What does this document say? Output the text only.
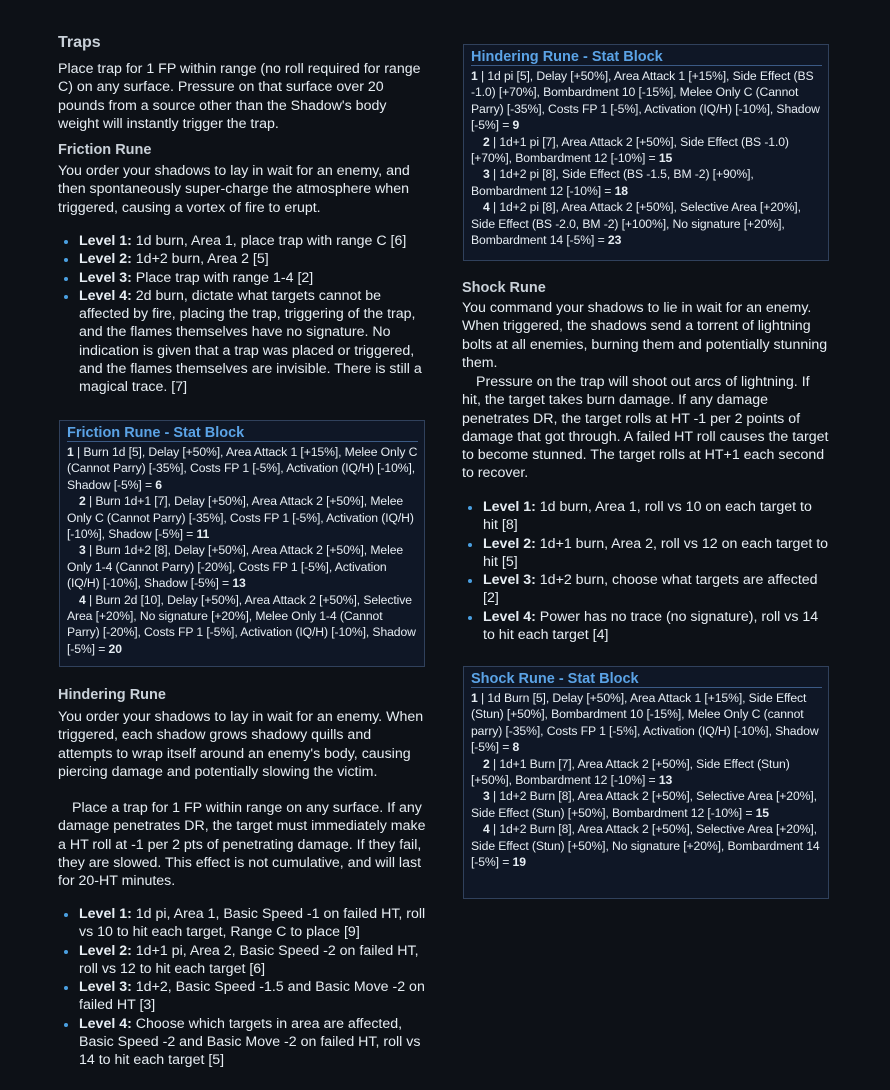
Traps

Place trap for 1 FP within range (no roll required for range C) on any surface. Pressure on that surface over 20 pounds from a source other than the Shadow's body weight will instantly trigger the trap.

Friction Rune

You order your shadows to lay in wait for an enemy, and then spontaneously super-charge the atmosphere when triggered, causing a vortex of fire to erupt.

• Level 1: 1d burn, Area 1, place trap with range C [6]
• Level 2: 1d+2 burn, Area 2 [5]
• Level 3: Place trap with range 1-4 [2]
• Level 4: 2d burn, dictate what targets cannot be affected by fire, placing the trap, triggering of the trap, and the flames themselves have no signature. No indication is given that a trap was placed or triggered, and the flames themselves are invisible. There is still a magical trace. [7]
Friction Rune - Stat Block

1 | Burn 1d [5], Delay [+50%], Area Attack 1 [+15%], Melee Only C (Cannot Parry) [-35%], Costs FP 1 [-5%], Activation (IQ/H) [-10%], Shadow [-5%] = 6

2 | Burn 1d+1 [7], Delay [+50%], Area Attack 2 [+50%], Melee Only C (Cannot Parry) [-35%], Costs FP 1 [-5%], Activation (IQ/H) [-10%], Shadow [-5%] = 11

3 | Burn 1d+2 [8], Delay [+50%], Area Attack 2 [+50%], Melee Only 1-4 (Cannot Parry) [-20%], Costs FP 1 [-5%], Activation (IQ/H) [-10%], Shadow [-5%] = 13

4 | Burn 2d [10], Delay [+50%], Area Attack 2 [+50%], Selective Area [+20%], No signature [+20%], Melee Only 1-4 (Cannot Parry) [-20%], Costs FP 1 [-5%], Activation (IQ/H) [-10%], Shadow [-5%] = 20

Hindering Rune

You order your shadows to lay in wait for an enemy. When triggered, each shadow grows shadowy quills and attempts to wrap itself around an enemy's body, causing piercing damage and potentially slowing the victim.

Place a trap for 1 FP within range on any surface. If any damage penetrates DR, the target must immediately make a HT roll at -1 per 2 pts of penetrating damage. If they fail, they are slowed. This effect is not cumulative, and will last for 20-HT minutes.

• Level 1: 1d pi, Area 1, Basic Speed -1 on failed HT, roll vs 10 to hit each target, Range C to place [9]
• Level 2: 1d+1 pi, Area 2, Basic Speed -2 on failed HT, roll vs 12 to hit each target [6]
• Level 3: 1d+2, Basic Speed -1.5 and Basic Move -2 on failed HT [3]
• Level 4: Choose which targets in area are affected, Basic Speed -2 and Basic Move -2 on failed HT, roll vs 14 to hit each target [5]
Hindering Rune - Stat Block

1 | 1d pi [5], Delay [+50%], Area Attack 1 [+15%], Side Effect (BS -1.0) [+70%], Bombardment 10 [-15%], Melee Only C (Cannot Parry) [-35%], Costs FP 1 [-5%], Activation (IQ/H) [-10%], Shadow [-5%] = 9

2 | 1d+1 pi [7], Area Attack 2 [+50%], Side Effect (BS -1.0) [+70%], Bombardment 12 [-10%] = 15

3 | 1d+2 pi [8], Side Effect (BS -1.5, BM -2) [+90%], Bombardment 12 [-10%] = 18

4 | 1d+2 pi [8], Area Attack 2 [+50%], Selective Area [+20%], Side Effect (BS -2.0, BM -2) [+100%], No signature [+20%], Bombardment 14 [-5%] = 23

Shock Rune

You command your shadows to lie in wait for an enemy. When triggered, the shadows send a torrent of lightning bolts at all enemies, burning them and potentially stunning them.

Pressure on the trap will shoot out arcs of lightning. If hit, the target takes burn damage. If any damage penetrates DR, the target rolls at HT -1 per 2 points of damage that got through. A failed HT roll causes the target to become stunned. The target rolls at HT+1 each second to recover.

• Level 1: 1d burn, Area 1, roll vs 10 on each target to hit [8]
• Level 2: 1d+1 burn, Area 2, roll vs 12 on each target to hit [5]
• Level 3: 1d+2 burn, choose what targets are affected [2]
• Level 4: Power has no trace (no signature), roll vs 14 to hit each target [4]
Shock Rune - Stat Block

1 | 1d Burn [5], Delay [+50%], Area Attack 1 [+15%], Side Effect (Stun) [+50%], Bombardment 10 [-15%], Melee Only C (cannot parry) [-35%], Costs FP 1 [-5%], Activation (IQ/H) [-10%], Shadow [-5%] = 8

2 | 1d+1 Burn [7], Area Attack 2 [+50%], Side Effect (Stun) [+50%], Bombardment 12 [-10%] = 13

3 | 1d+2 Burn [8], Area Attack 2 [+50%], Selective Area [+20%], Side Effect (Stun) [+50%], Bombardment 12 [-10%] = 15

4 | 1d+2 Burn [8], Area Attack 2 [+50%], Selective Area [+20%], Side Effect (Stun) [+50%], No signature [+20%], Bombardment 14 [-5%] = 19
